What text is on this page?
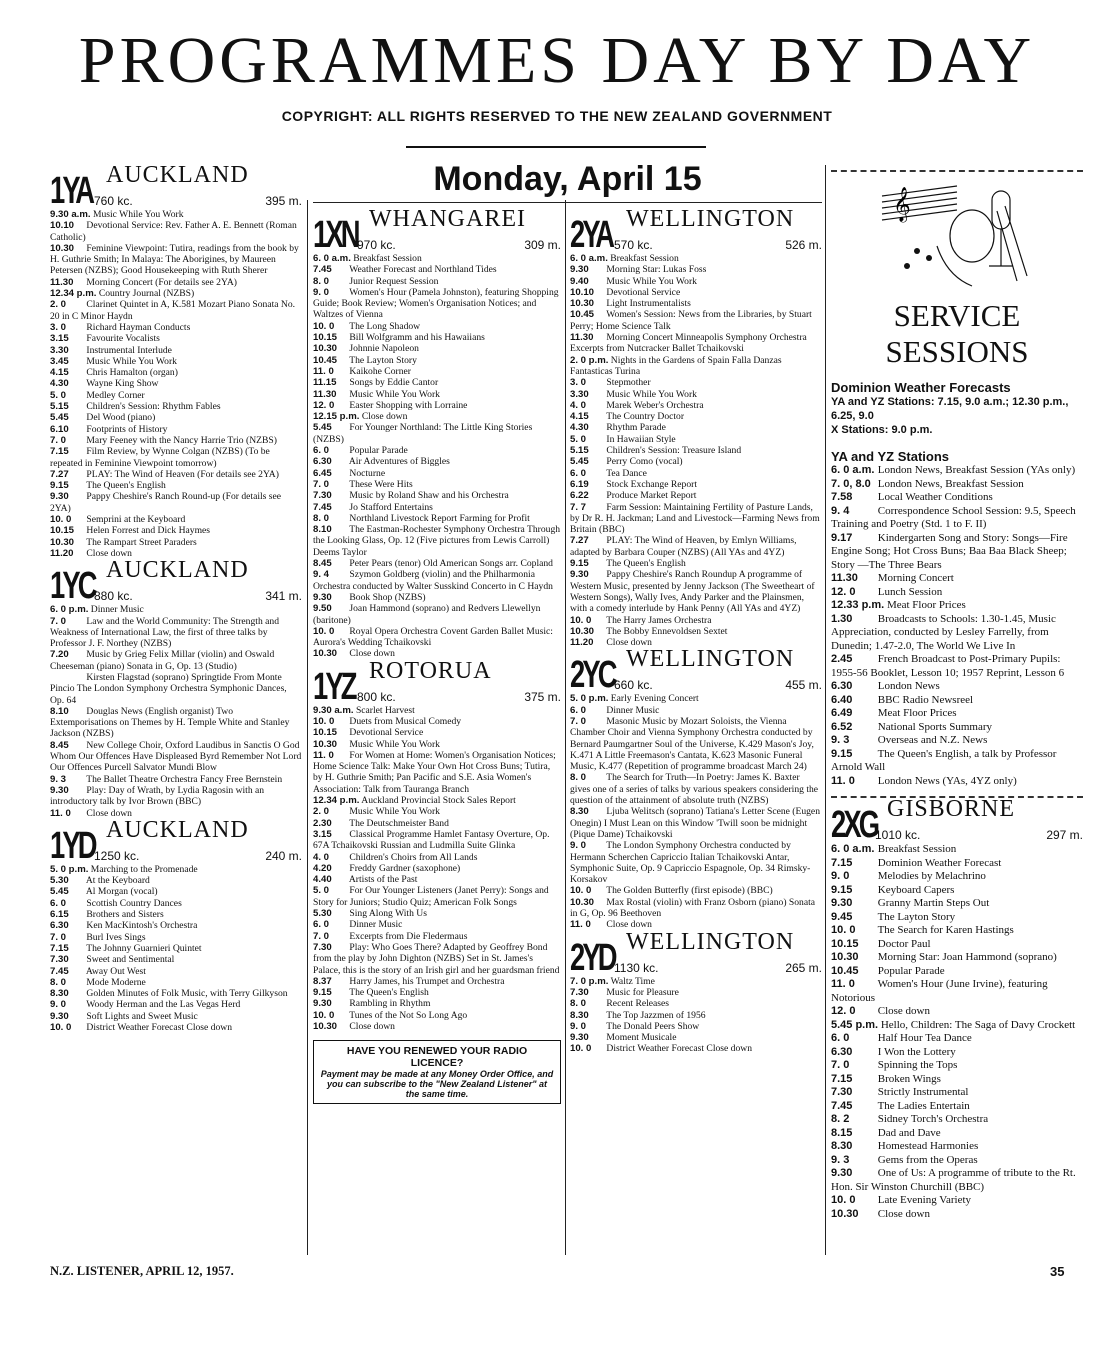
PROGRAMMES DAY BY DAY
COPYRIGHT: ALL RIGHTS RESERVED TO THE NEW ZEALAND GOVERNMENT
Monday, April 15
1YA AUCKLAND
760 kc.	395 m.
9.30 a.m. Music While You Work
10.10 Devotional Service: Rev. Father A. E. Bennett (Roman Catholic)
10.30 Feminine Viewpoint: Tutira, readings from the book by H. Guthrie Smith; In Malaya: The Aborigines, by Maureen Petersen (NZBS); Good Housekeeping with Ruth Sherer
11.30 Morning Concert (For details see 2YA)
12.34 p.m. Country Journal (NZBS)
2. 0 Clarinet Quintet in A, K.581 Mozart Piano Sonata No. 20 in C Minor Haydn
3. 0 Richard Hayman Conducts
3.15 Favourite Vocalists
3.30 Instrumental Interlude
3.45 Music While You Work
4.15 Chris Hamalton (organ)
4.30 Wayne King Show
5. 0 Medley Corner
5.15 Children's Session: Rhythm Fables
5.45 Del Wood (piano)
6.10 Footprints of History
7. 0 Mary Feeney with the Nancy Harrie Trio (NZBS)
7.15 Film Review, by Wynne Colgan (NZBS) (To be repeated in Feminine Viewpoint tomorrow)
7.27 PLAY: The Wind of Heaven (For details see 2YA)
9.15 The Queen's English
9.30 Pappy Cheshire's Ranch Round-up (For details see 2YA)
10. 0 Semprini at the Keyboard
10.15 Helen Forrest and Dick Haymes
10.30 The Rampart Street Paraders
11.20 Close down
1YC AUCKLAND
880 kc.	341 m.
6. 0 p.m. Dinner Music
7. 0 Law and the World Community: The Strength and Weakness of International Law, the first of three talks by Professor J. F. Northey (NZBS)
7.20 Music by Grieg Felix Millar (violin) and Oswald Cheeseman (piano) Sonata in G, Op. 13 (Studio)
Kirsten Flagstad (soprano) Springtide From Monte Pincio The London Symphony Orchestra Symphonic Dances, Op. 64
8.10 Douglas News (English organist) Two Extemporisations on Themes by H. Temple White and Stanley Jackson (NZBS)
8.45 New College Choir, Oxford Laudibus in Sanctis O God Whom Our Offences Have Displeased Byrd Remember Not Lord Our Offences Purcell Salvator Mundi Blow
9. 3 The Ballet Theatre Orchestra Fancy Free Bernstein
9.30 Play: Day of Wrath, by Lydia Ragosin with an introductory talk by Ivor Brown (BBC)
11. 0 Close down
1YD AUCKLAND
1250 kc.	240 m.
5. 0 p.m. Marching to the Promenade
5.30 At the Keyboard
5.45 Al Morgan (vocal)
6. 0 Scottish Country Dances
6.15 Brothers and Sisters
6.30 Ken MacKintosh's Orchestra
7. 0 Burl Ives Sings
7.15 The Johnny Guarnieri Quintet
7.30 Sweet and Sentimental
7.45 Away Out West
8. 0 Mode Moderne
8.30 Golden Minutes of Folk Music, with Terry Gilkyson
9. 0 Woody Herman and the Las Vegas Herd
9.30 Soft Lights and Sweet Music
10. 0 District Weather Forecast Close down
1XN WHANGAREI
970 kc.	309 m.
6. 0 a.m. Breakfast Session
7.45 Weather Forecast and Northland Tides
8. 0 Junior Request Session
9. 0 Women's Hour (Pamela Johnston), featuring Shopping Guide; Book Review; Women's Organisation Notices; and Waltzes of Vienna
10. 0 The Long Shadow
10.15 Bill Wolfgramm and his Hawaiians
10.30 Johnnie Napoleon
10.45 The Layton Story
11. 0 Kaikohe Corner
11.15 Songs by Eddie Cantor
11.30 Music While You Work
12. 0 Easter Shopping with Lorraine
12.15 p.m. Close down
5.45 For Younger Northland: The Little King Stories (NZBS)
6. 0 Popular Parade
6.30 Air Adventures of Biggles
6.45 Nocturne
7. 0 These Were Hits
7.30 Music by Roland Shaw and his Orchestra
7.45 Jo Stafford Entertains
8. 0 Northland Livestock Report Farming for Profit
8.10 The Eastman-Rochester Symphony Orchestra Through the Looking Glass, Op. 12 (Five pictures from Lewis Carroll) Deems Taylor
8.45 Peter Pears (tenor) Old American Songs arr. Copland
9. 4 Szymon Goldberg (violin) and the Philharmonia Orchestra conducted by Walter Susskind Concerto in C Haydn
9.30 Book Shop (NZBS)
9.50 Joan Hammond (soprano) and Redvers Llewellyn (baritone)
10. 0 Royal Opera Orchestra Covent Garden Ballet Music: Aurora's Wedding Tchaikovski
10.30 Close down
1YZ ROTORUA
800 kc.	375 m.
9.30 a.m. Scarlet Harvest
10. 0 Duets from Musical Comedy
10.15 Devotional Service
10.30 Music While You Work
11. 0 For Women at Home: Women's Organisation Notices; Home Science Talk: Make Your Own Hot Cross Buns; Tutira, by H. Guthrie Smith; Pan Pacific and S.E. Asia Women's Association: Talk from Tauranga Branch
12.34 p.m. Auckland Provincial Stock Sales Report
2. 0 Music While You Work
2.30 The Deutschmeister Band
3.15 Classical Programme Hamlet Fantasy Overture, Op. 67A Tchaikovski Russian and Ludmilla Suite Glinka
4. 0 Children's Choirs from All Lands
4.20 Freddy Gardner (saxophone)
4.40 Artists of the Past
5. 0 For Our Younger Listeners (Janet Perry): Songs and Story for Juniors; Studio Quiz; American Folk Songs
5.30 Sing Along With Us
6. 0 Dinner Music
7. 0 Excerpts from Die Fledermaus
7.30 Play: Who Goes There? Adapted by Geoffrey Bond from the play by John Dighton (NZBS) Set in St. James's Palace, this is the story of an Irish girl and her guardsman friend
8.37 Harry James, his Trumpet and Orchestra
9.15 The Queen's English
9.30 Rambling in Rhythm
10. 0 Tunes of the Not So Long Ago
10.30 Close down
HAVE YOU RENEWED YOUR RADIO LICENCE?
Payment may be made at any Money Order Office, and you can subscribe to the "New Zealand Listener" at the same time.
2YA WELLINGTON
570 kc.	526 m.
6. 0 a.m. Breakfast Session
9.30 Morning Star: Lukas Foss
9.40 Music While You Work
10.10 Devotional Service
10.30 Light Instrumentalists
10.45 Women's Session: News from the Libraries, by Stuart Perry; Home Science Talk
11.30 Morning Concert Minneapolis Symphony Orchestra Excerpts from Nutcracker Ballet Tchaikovski
2. 0 p.m. Nights in the Gardens of Spain Falla Danzas Fantasticas Turina
3. 0 Stepmother
3.30 Music While You Work
4. 0 Marek Weber's Orchestra
4.15 The Country Doctor
4.30 Rhythm Parade
5. 0 In Hawaiian Style
5.15 Children's Session: Treasure Island
5.45 Perry Como (vocal)
6. 0 Tea Dance
6.19 Stock Exchange Report
6.22 Produce Market Report
7. 7 Farm Session: Maintaining Fertility of Pasture Lands, by Dr R. H. Jackman; Land and Livestock—Farming News from Britain (BBC)
7.27 PLAY: The Wind of Heaven, by Emlyn Williams, adapted by Barbara Couper (NZBS) (All YAs and 4YZ)
9.15 The Queen's English
9.30 Pappy Cheshire's Ranch Roundup A programme of Western Music, presented by Jenny Jackson (The Sweetheart of Western Songs), Wally Ives, Andy Parker and the Plainsmen, with a comedy interlude by Hank Penny (All YAs and 4YZ)
10. 0 The Harry James Orchestra
10.30 The Bobby Ennevoldsen Sextet
11.20 Close down
2YC WELLINGTON
660 kc.	455 m.
5. 0 p.m. Early Evening Concert
6. 0 Dinner Music
7. 0 Masonic Music by Mozart Soloists, the Vienna Chamber Choir and Vienna Symphony Orchestra conducted by Bernard Paumgartner Soul of the Universe, K.429 Mason's Joy, K.471 A Little Freemason's Cantata, K.623 Masonic Funeral Music, K.477 (Repetition of programme broadcast March 24)
8. 0 The Search for Truth—In Poetry: James K. Baxter gives one of a series of talks by various speakers considering the question of the attainment of absolute truth (NZBS)
8.30 Ljuba Welitsch (soprano) Tatiana's Letter Scene (Eugen Onegin) I Must Lean on this Window 'Twill soon be midnight (Pique Dame) Tchaikovski
9. 0 The London Symphony Orchestra conducted by Hermann Scherchen Capriccio Italian Tchaikovski Antar, Symphonic Suite, Op. 9 Capriccio Espagnole, Op. 34 Rimsky-Korsakov
10. 0 The Golden Butterfly (first episode) (BBC)
10.30 Max Rostal (violin) with Franz Osborn (piano) Sonata in G, Op. 96 Beethoven
11. 0 Close down
2YD WELLINGTON
1130 kc.	265 m.
7. 0 p.m. Waltz Time
7.30 Music for Pleasure
8. 0 Recent Releases
8.30 The Top Jazzmen of 1956
9. 0 The Donald Peers Show
9.30 Moment Musicale
10. 0 District Weather Forecast Close down
𝄞
SERVICE
SESSIONS
Dominion Weather Forecasts
YA and YZ Stations: 7.15, 9.0 a.m.; 12.30 p.m., 6.25, 9.0
X Stations: 9.0 p.m.
YA and YZ Stations
6. 0 a.m. London News, Breakfast Session (YAs only)
7. 0, 8.0 London News, Breakfast Session
7.58 Local Weather Conditions
9. 4	Correspondence School Session: 9.5, Speech Training and Poetry (Std. 1 to F. II)
9.17 Kindergarten Song and Story: Songs—Fire Engine Song; Hot Cross Buns; Baa Baa Black Sheep; Story —The Three Bears
11.30 Morning Concert
12. 0 Lunch Session
12.33 p.m. Meat Floor Prices
1.30 Broadcasts to Schools: 1.30-1.45, Music Appreciation, conducted by Lesley Farrelly, from Dunedin; 1.47-2.0, The World We Live In
2.45 French Broadcast to Post-Primary Pupils: 1955-56 Booklet, Lesson 10; 1957 Reprint, Lesson 6
6.30 London News
6.40 BBC Radio Newsreel
6.49 Meat Floor Prices
6.52 National Sports Summary
9. 3	Overseas and N.Z. News
9.15 The Queen's English, a talk by Professor Arnold Wall
11. 0 London News (YAs, 4YZ only)
2XG GISBORNE
1010 kc.	297 m.
6. 0 a.m. Breakfast Session
7.15 Dominion Weather Forecast
9. 0	Melodies by Melachrino
9.15 Keyboard Capers
9.30 Granny Martin Steps Out
9.45 The Layton Story
10. 0 The Search for Karen Hastings
10.15 Doctor Paul
10.30 Morning Star: Joan Hammond (soprano)
10.45 Popular Parade
11. 0 Women's Hour (June Irvine), featuring Notorious
12. 0 Close down
5.45 p.m. Hello, Children: The Saga of Davy Crockett
6. 0	Half Hour Tea Dance
6.30 I Won the Lottery
7. 0	Spinning the Tops
7.15 Broken Wings
7.30 Strictly Instrumental
7.45 The Ladies Entertain
8. 2	Sidney Torch's Orchestra
8.15 Dad and Dave
8.30 Homestead Harmonies
9. 3	Gems from the Operas
9.30 One of Us: A programme of tribute to the Rt. Hon. Sir Winston Churchill (BBC)
10. 0 Late Evening Variety
10.30 Close down
N.Z. LISTENER, APRIL 12, 1957.	35
